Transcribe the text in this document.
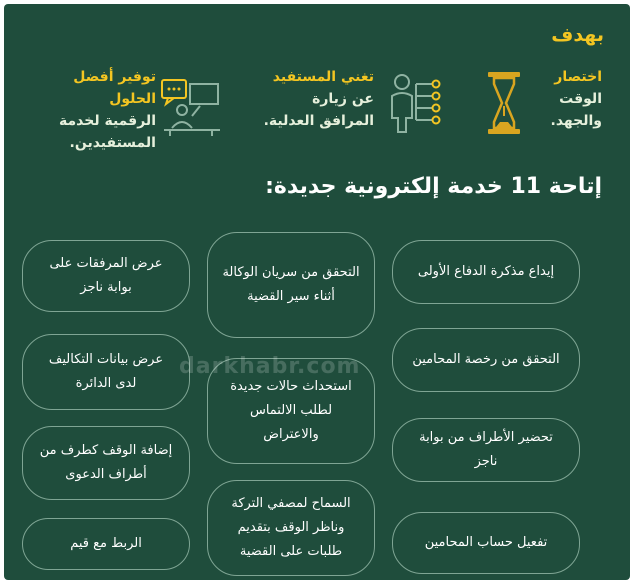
بهدف
اختصار
الوقت والجهد.
تغني المستفيد
عن زيارة المرافق العدلية.
توفير أفضل الحلول
الرقمية لخدمة المستفيدين.
إتاحة 11 خدمة إلكترونية جديدة:
إيداع مذكرة الدفاع الأولى
التحقق من رخصة المحامين
تحضير الأطراف من بوابة ناجز
تفعيل حساب المحامين
التحقق من سريان الوكالة أثناء سير القضية
استحداث حالات جديدة لطلب الالتماس والاعتراض
السماح لمصفي التركة وناظر الوقف بتقديم طلبات على القضية
عرض المرفقات على بوابة ناجز
عرض بيانات التكاليف لدى الدائرة
إضافة الوقف كطرف من أطراف الدعوى
الربط مع قيم
darkhabr.com
